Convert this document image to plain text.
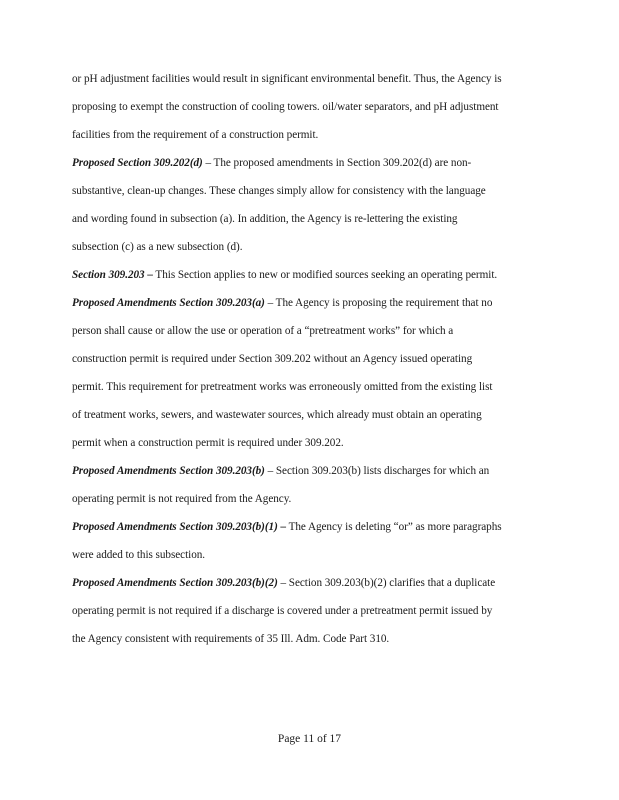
or pH adjustment facilities would result in significant environmental benefit. Thus, the Agency is
proposing to exempt the construction of cooling towers. oil/water separators, and pH adjustment
facilities from the requirement of a construction permit.
Proposed Section 309.202(d) – The proposed amendments in Section 309.202(d) are non-
substantive, clean-up changes. These changes simply allow for consistency with the language
and wording found in subsection (a). In addition, the Agency is re-lettering the existing
subsection (c) as a new subsection (d).
Section 309.203 – This Section applies to new or modified sources seeking an operating permit.
Proposed Amendments Section 309.203(a) – The Agency is proposing the requirement that no
person shall cause or allow the use or operation of a “pretreatment works” for which a
construction permit is required under Section 309.202 without an Agency issued operating
permit. This requirement for pretreatment works was erroneously omitted from the existing list
of treatment works, sewers, and wastewater sources, which already must obtain an operating
permit when a construction permit is required under 309.202.
Proposed Amendments Section 309.203(b) – Section 309.203(b) lists discharges for which an
operating permit is not required from the Agency.
Proposed Amendments Section 309.203(b)(1) – The Agency is deleting “or” as more paragraphs
were added to this subsection.
Proposed Amendments Section 309.203(b)(2) – Section 309.203(b)(2) clarifies that a duplicate
operating permit is not required if a discharge is covered under a pretreatment permit issued by
the Agency consistent with requirements of 35 Ill. Adm. Code Part 310.
Page 11 of 17
